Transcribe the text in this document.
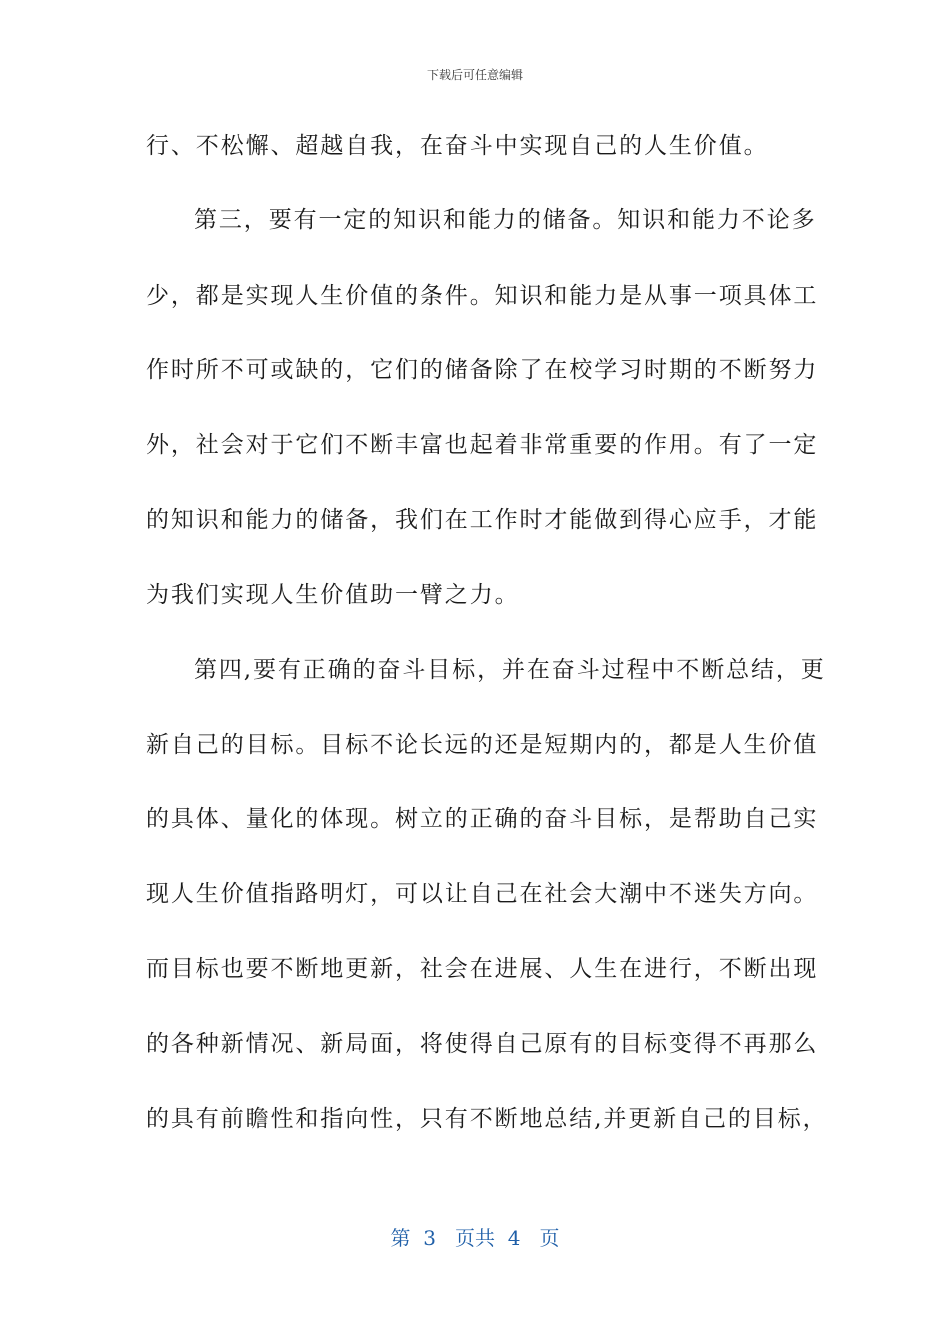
下载后可任意编辑
行、不松懈、超越自我，在奋斗中实现自己的人生价值。
第三，要有一定的知识和能力的储备。知识和能力不论多
少，都是实现人生价值的条件。知识和能力是从事一项具体工
作时所不可或缺的，它们的储备除了在校学习时期的不断努力
外，社会对于它们不断丰富也起着非常重要的作用。有了一定
的知识和能力的储备，我们在工作时才能做到得心应手，才能
为我们实现人生价值助一臂之力。
第四,要有正确的奋斗目标，并在奋斗过程中不断总结，更
新自己的目标。目标不论长远的还是短期内的，都是人生价值
的具体、量化的体现。树立的正确的奋斗目标，是帮助自己实
现人生价值指路明灯，可以让自己在社会大潮中不迷失方向。
而目标也要不断地更新，社会在进展、人生在进行，不断出现
的各种新情况、新局面，将使得自己原有的目标变得不再那么
的具有前瞻性和指向性，只有不断地总结,并更新自己的目标，
第  3   页共  4   页
